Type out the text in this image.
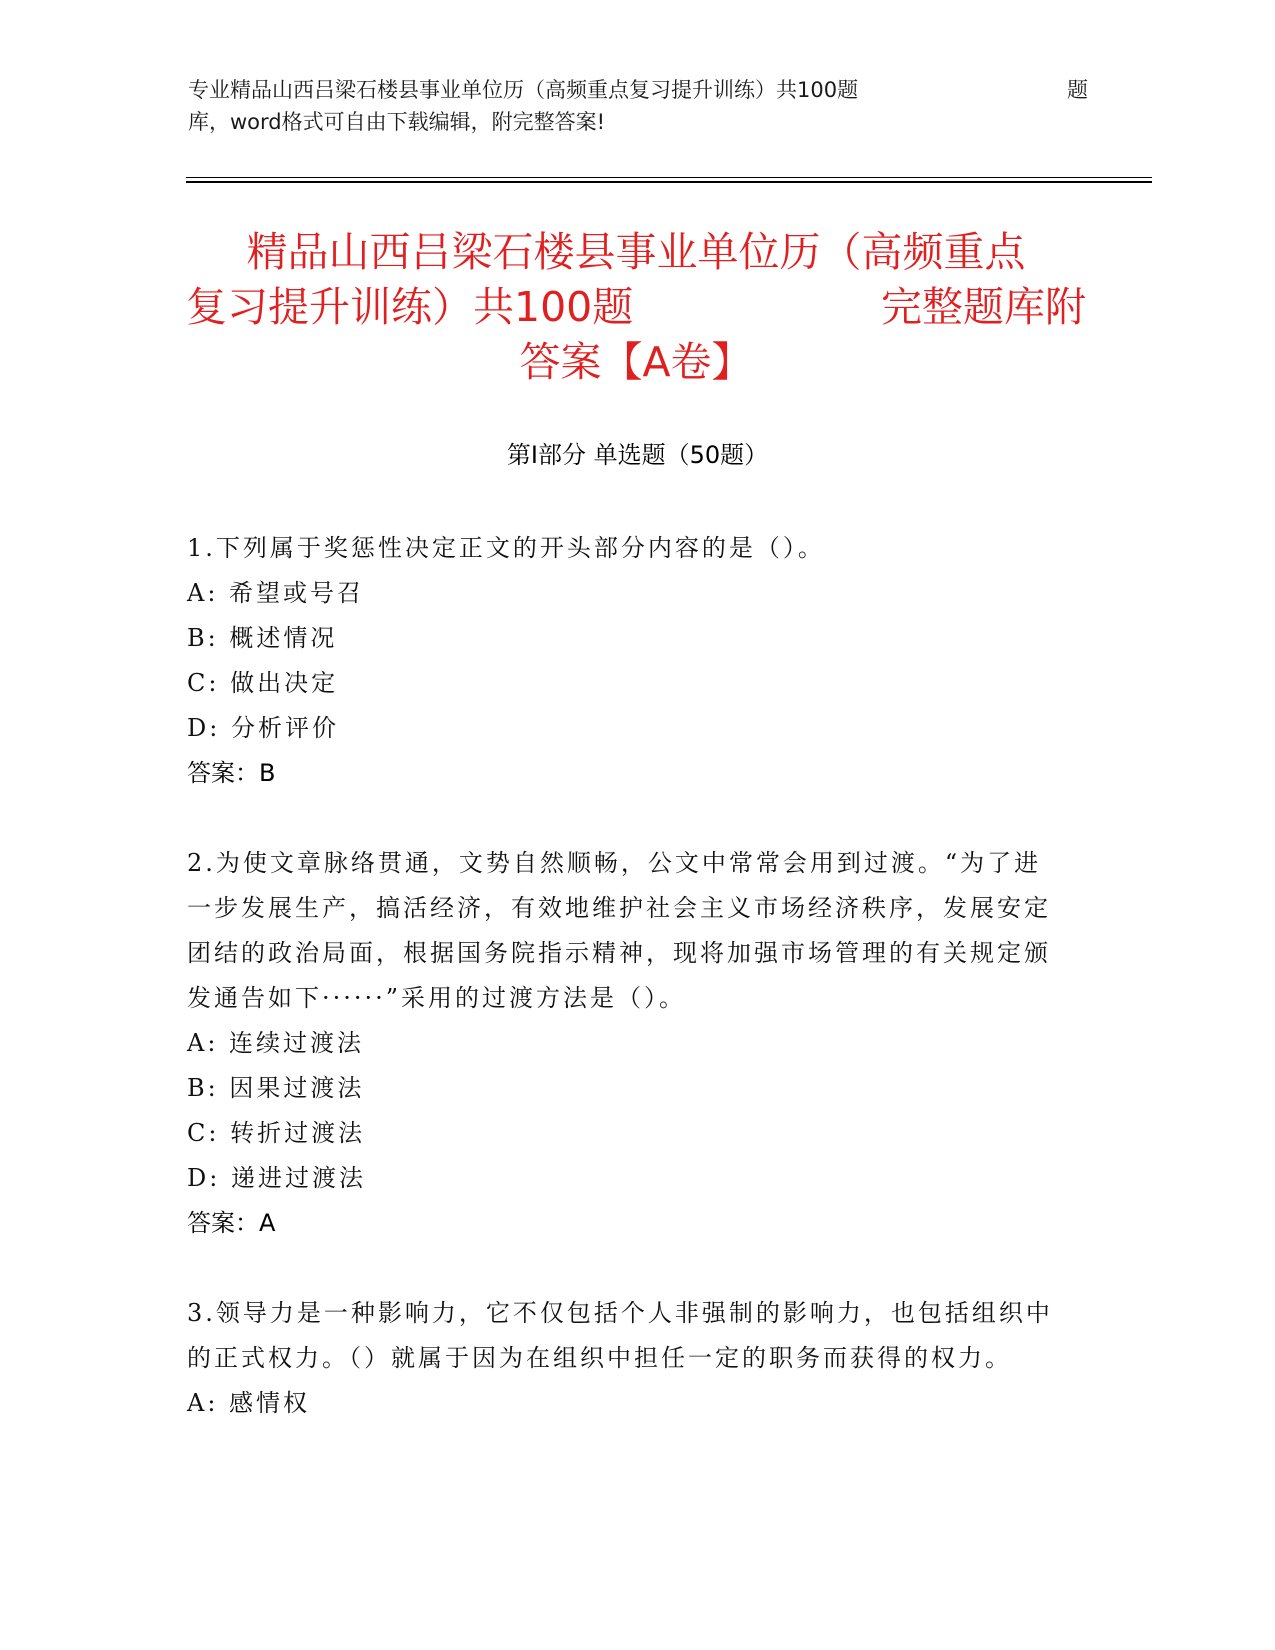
专业精品山西吕梁石楼县事业单位历（高频重点复习提升训练）共100题	题
库，word格式可自由下载编辑，附完整答案!
精品山西吕梁石楼县事业单位历（高频重点
复习提升训练）共100题	完整题库附
答案【A卷】
第I部分 单选题（50题）
1.下列属于奖惩性决定正文的开头部分内容的是（）。
A: 希望或号召
B: 概述情况
C: 做出决定
D: 分析评价
答案：B
2.为使文章脉络贯通，文势自然顺畅，公文中常常会用到过渡。“为了进一步发展生产，搞活经济，有效地维护社会主义市场经济秩序，发展安定团结的政治局面，根据国务院指示精神，现将加强市场管理的有关规定颁发通告如下······”采用的过渡方法是（）。
A: 连续过渡法
B: 因果过渡法
C: 转折过渡法
D: 递进过渡法
答案：A
3.领导力是一种影响力，它不仅包括个人非强制的影响力，也包括组织中的正式权力。（）就属于因为在组织中担任一定的职务而获得的权力。
A: 感情权
